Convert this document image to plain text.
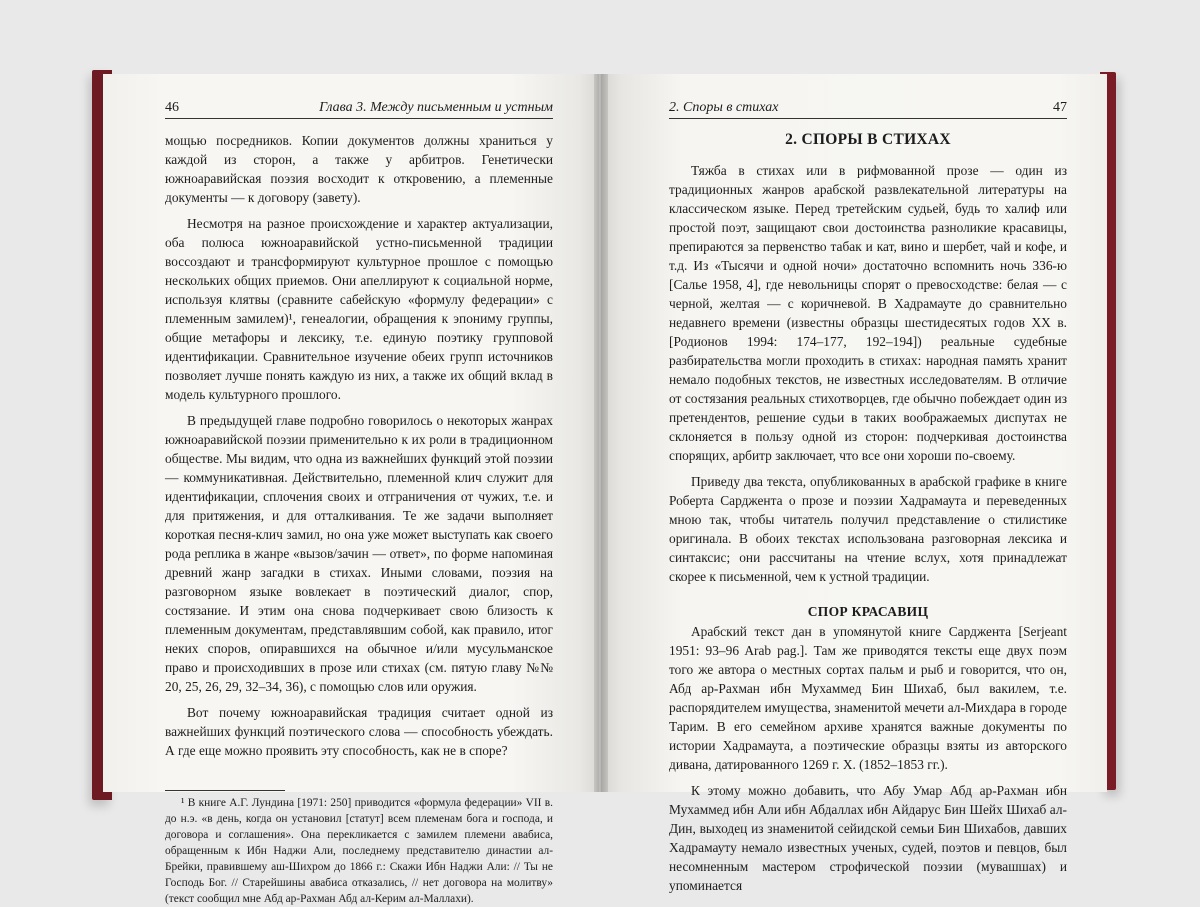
46	Глава 3. Между письменным и устным

мощью посредников. Копии документов должны храниться у каждой из сторон, а также у арбитров. Генетически южноаравийская поэзия восходит к откровению, а племенные документы — к договору (завету).

Несмотря на разное происхождение и характер актуализации, оба полюса южноаравийской устно-письменной традиции воссоздают и трансформируют культурное прошлое с помощью нескольких общих приемов. Они апеллируют к социальной норме, используя клятвы (сравните сабейскую «формулу федерации» с племенным замилем)¹, генеалогии, обращения к эпониму группы, общие метафоры и лексику, т.е. единую поэтику групповой идентификации. Сравнительное изучение обеих групп источников позволяет лучше понять каждую из них, а также их общий вклад в модель культурного прошлого.

В предыдущей главе подробно говорилось о некоторых жанрах южноаравийской поэзии применительно к их роли в традиционном обществе. Мы видим, что одна из важнейших функций этой поэзии — коммуникативная. Действительно, племенной клич служит для идентификации, сплочения своих и отграничения от чужих, т.е. и для притяжения, и для отталкивания. Те же задачи выполняет короткая песня-клич замил, но она уже может выступать как своего рода реплика в жанре «вызов/зачин — ответ», по форме напоминая древний жанр загадки в стихах. Иными словами, поэзия на разговорном языке вовлекает в поэтический диалог, спор, состязание. И этим она снова подчеркивает свою близость к племенным документам, представлявшим собой, как правило, итог неких споров, опиравшихся на обычное и/или мусульманское право и происходивших в прозе или стихах (см. пятую главу №№ 20, 25, 26, 29, 32–34, 36), с помощью слов или оружия.

Вот почему южноаравийская традиция считает одной из важнейших функций поэтического слова — способность убеждать. А где еще можно проявить эту способность, как не в споре?

¹ В книге А.Г. Лундина [1971: 250] приводится «формула федерации» VII в. до н.э. «в день, когда он установил [статут] всем племенам бога и господа, и договора и соглашения». Она перекликается с замилем племени авабиса, обращенным к Ибн Наджи Али, последнему представителю династии ал-Брейки, правившему аш-Шихром до 1866 г.: Скажи Ибн Наджи Али: // Ты не Господь Бог. // Старейшины авабиса отказались, // нет договора на молитву» (текст сообщил мне Абд ар-Рахман Абд ал-Керим ал-Маллахи).

2. Споры в стихах	47
2. СПОРЫ В СТИХАХ

Тяжба в стихах или в рифмованной прозе — один из традиционных жанров арабской развлекательной литературы на классическом языке. Перед третейским судьей, будь то халиф или простой поэт, защищают свои достоинства разноликие красавицы, препираются за первенство табак и кат, вино и шербет, чай и кофе, и т.д. Из «Тысячи и одной ночи» достаточно вспомнить ночь 336-ю [Салье 1958, 4], где невольницы спорят о превосходстве: белая — с черной, желтая — с коричневой. В Хадрамауте до сравнительно недавнего времени (известны образцы шестидесятых годов XX в. [Родионов 1994: 174–177, 192–194]) реальные судебные разбирательства могли проходить в стихах: народная память хранит немало подобных текстов, не известных исследователям. В отличие от состязания реальных стихотворцев, где обычно побеждает один из претендентов, решение судьи в таких воображаемых диспутах не склоняется в пользу одной из сторон: подчеркивая достоинства спорящих, арбитр заключает, что все они хороши по-своему.

Приведу два текста, опубликованных в арабской графике в книге Роберта Сарджента о прозе и поэзии Хадрамаута и переведенных мною так, чтобы читатель получил представление о стилистике оригинала. В обоих текстах использована разговорная лексика и синтаксис; они рассчитаны на чтение вслух, хотя принадлежат скорее к письменной, чем к устной традиции.

СПОР КРАСАВИЦ

Арабский текст дан в упомянутой книге Сарджента [Serjeant 1951: 93–96 Arab pag.]. Там же приводятся тексты еще двух поэм того же автора о местных сортах пальм и рыб и говорится, что он, Абд ар-Рахман ибн Мухаммед Бин Шихаб, был вакилем, т.е. распорядителем имущества, знаменитой мечети ал-Михдара в городе Тарим. В его семейном архиве хранятся важные документы по истории Хадрамаута, а поэтические образцы взяты из авторского дивана, датированного 1269 г. Х. (1852–1853 гг.).

К этому можно добавить, что Абу Умар Абд ар-Рахман ибн Мухаммед ибн Али ибн Абдаллах ибн Айдарус Бин Шейх Шихаб ал-Дин, выходец из знаменитой сейидской семьи Бин Шихабов, давших Хадрамауту немало известных ученых, судей, поэтов и певцов, был несомненным мастером строфической поэзии (мувашшах) и упоминается
